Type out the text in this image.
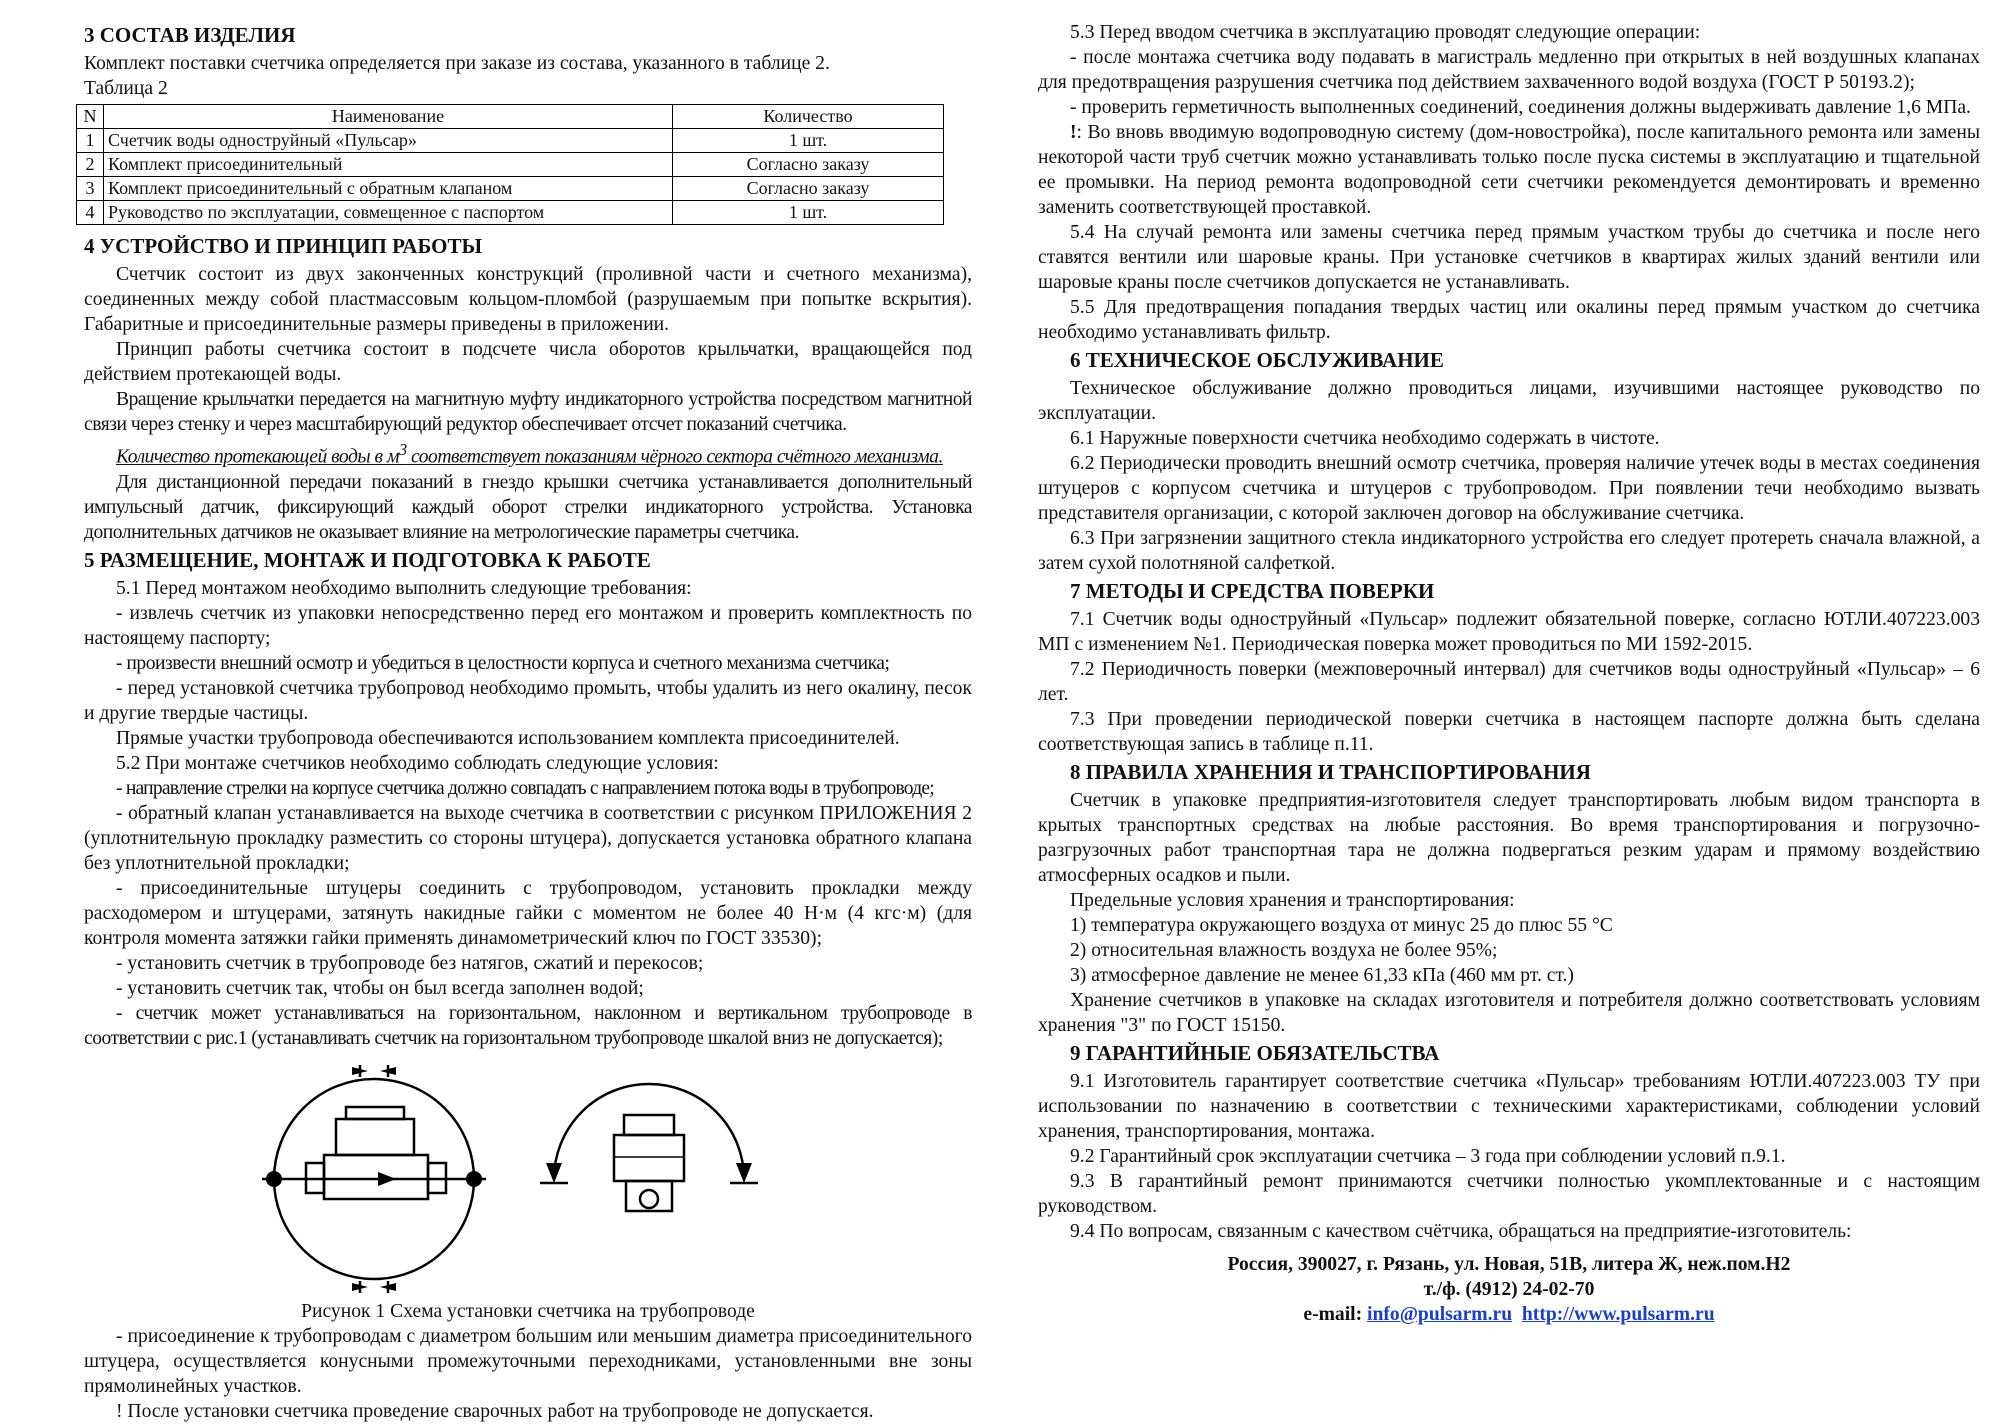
3 СОСТАВ ИЗДЕЛИЯ

Комплект поставки счетчика определяется при заказе из состава, указанного в таблице 2.

Таблица 2

N	Наименование	Количество
1	Счетчик воды одноструйный «Пульсар»	1 шт.
2	Комплект присоединительный	Согласно заказу
3	Комплект присоединительный с обратным клапаном	Согласно заказу
4	Руководство по эксплуатации, совмещенное с паспортом	1 шт.
4 УСТРОЙСТВО И ПРИНЦИП РАБОТЫ

Счетчик состоит из двух законченных конструкций (проливной части и счетного механизма), соединенных между собой пластмассовым кольцом-пломбой (разрушаемым при попытке вскрытия). Габаритные и присоединительные размеры приведены в приложении.

Принцип работы счетчика состоит в подсчете числа оборотов крыльчатки, вращающейся под действием протекающей воды.

Вращение крыльчатки передается на магнитную муфту индикаторного устройства посредством магнитной связи через стенку и через масштабирующий редуктор обеспечивает отсчет показаний счетчика.

Количество протекающей воды в $м^3$ соответствует показаниям чёрного сектора счётного механизма.

Для дистанционной передачи показаний в гнездо крышки счетчика устанавливается дополнительный импульсный датчик, фиксирующий каждый оборот стрелки индикаторного устройства. Установка дополнительных датчиков не оказывает влияние на метрологические параметры счетчика.

5 РАЗМЕЩЕНИЕ, МОНТАЖ И ПОДГОТОВКА К РАБОТЕ

5.1 Перед монтажом необходимо выполнить следующие требования:

- извлечь счетчик из упаковки непосредственно перед его монтажом и проверить комплектность по настоящему паспорту;

- произвести внешний осмотр и убедиться в целостности корпуса и счетного механизма счетчика;

- перед установкой счетчика трубопровод необходимо промыть, чтобы удалить из него окалину, песок и другие твердые частицы.

Прямые участки трубопровода обеспечиваются использованием комплекта присоединителей.

5.2 При монтаже счетчиков необходимо соблюдать следующие условия:

- направление стрелки на корпусе счетчика должно совпадать с направлением потока воды в трубопроводе;

- обратный клапан устанавливается на выходе счетчика в соответствии с рисунком ПРИЛОЖЕНИЯ 2 (уплотнительную прокладку разместить со стороны штуцера), допускается установка обратного клапана без уплотнительной прокладки;

- присоединительные штуцеры соединить с трубопроводом, установить прокладки между расходомером и штуцерами, затянуть накидные гайки с моментом не более 40 Н·м (4 кгс·м) (для контроля момента затяжки гайки применять динамометрический ключ по ГОСТ 33530);

- установить счетчик в трубопроводе без натягов, сжатий и перекосов;

- установить счетчик так, чтобы он был всегда заполнен водой;

- счетчик может устанавливаться на горизонтальном, наклонном и вертикальном трубопроводе в соответствии с рис.1 (устанавливать счетчик на горизонтальном трубопроводе шкалой вниз не допускается);

Рисунок 1 Схема установки счетчика на трубопроводе

- присоединение к трубопроводам с диаметром большим или меньшим диаметра присоединительного штуцера, осуществляется конусными промежуточными переходниками, установленными вне зоны прямолинейных участков.

! После установки счетчика проведение сварочных работ на трубопроводе не допускается.

5.3 Перед вводом счетчика в эксплуатацию проводят следующие операции:

- после монтажа счетчика воду подавать в магистраль медленно при открытых в ней воздушных клапанах для предотвращения разрушения счетчика под действием захваченного водой воздуха (ГОСТ Р 50193.2);

- проверить герметичность выполненных соединений, соединения должны выдерживать давление 1,6 МПа.

!: Во вновь вводимую водопроводную систему (дом-новостройка), после капитального ремонта или замены некоторой части труб счетчик можно устанавливать только после пуска системы в эксплуатацию и тщательной ее промывки. На период ремонта водопроводной сети счетчики рекомендуется демонтировать и временно заменить соответствующей проставкой.

5.4 На случай ремонта или замены счетчика перед прямым участком трубы до счетчика и после него ставятся вентили или шаровые краны. При установке счетчиков в квартирах жилых зданий вентили или шаровые краны после счетчиков допускается не устанавливать.

5.5 Для предотвращения попадания твердых частиц или окалины перед прямым участком до счетчика необходимо устанавливать фильтр.

6 ТЕХНИЧЕСКОЕ ОБСЛУЖИВАНИЕ

Техническое обслуживание должно проводиться лицами, изучившими настоящее руководство по эксплуатации.

6.1 Наружные поверхности счетчика необходимо содержать в чистоте.

6.2 Периодически проводить внешний осмотр счетчика, проверяя наличие утечек воды в местах соединения штуцеров с корпусом счетчика и штуцеров с трубопроводом. При появлении течи необходимо вызвать представителя организации, с которой заключен договор на обслуживание счетчика.

6.3 При загрязнении защитного стекла индикаторного устройства его следует протереть сначала влажной, а затем сухой полотняной салфеткой.

7 МЕТОДЫ И СРЕДСТВА ПОВЕРКИ

7.1 Счетчик воды одноструйный «Пульсар» подлежит обязательной поверке, согласно ЮТЛИ.407223.003 МП с изменением №1. Периодическая поверка может проводиться по МИ 1592-2015.

7.2 Периодичность поверки (межповерочный интервал) для счетчиков воды одноструйный «Пульсар» – 6 лет.

7.3 При проведении периодической поверки счетчика в настоящем паспорте должна быть сделана соответствующая запись в таблице п.11.

8 ПРАВИЛА ХРАНЕНИЯ И ТРАНСПОРТИРОВАНИЯ

Счетчик в упаковке предприятия-изготовителя следует транспортировать любым видом транспорта в крытых транспортных средствах на любые расстояния. Во время транспортирования и погрузочно-разгрузочных работ транспортная тара не должна подвергаться резким ударам и прямому воздействию атмосферных осадков и пыли.

Предельные условия хранения и транспортирования:

1) температура окружающего воздуха от минус 25 до плюс 55 °С

2) относительная влажность воздуха не более 95%;

3) атмосферное давление не менее 61,33 кПа (460 мм рт. ст.)

Хранение счетчиков в упаковке на складах изготовителя и потребителя должно соответствовать условиям хранения "3" по ГОСТ 15150.

9 ГАРАНТИЙНЫЕ ОБЯЗАТЕЛЬСТВА

9.1 Изготовитель гарантирует соответствие счетчика «Пульсар» требованиям ЮТЛИ.407223.003 ТУ при использовании по назначению в соответствии с техническими характеристиками, соблюдении условий хранения, транспортирования, монтажа.

9.2 Гарантийный срок эксплуатации счетчика – 3 года при соблюдении условий п.9.1.

9.3 В гарантийный ремонт принимаются счетчики полностью укомплектованные и с настоящим руководством.

9.4 По вопросам, связанным с качеством счётчика, обращаться на предприятие-изготовитель:

Россия, 390027, г. Рязань, ул. Новая, 51В, литера Ж, неж.пом.Н2

т./ф. (4912) 24-02-70

e-mail: info@pulsarm.ru http://www.pulsarm.ru
